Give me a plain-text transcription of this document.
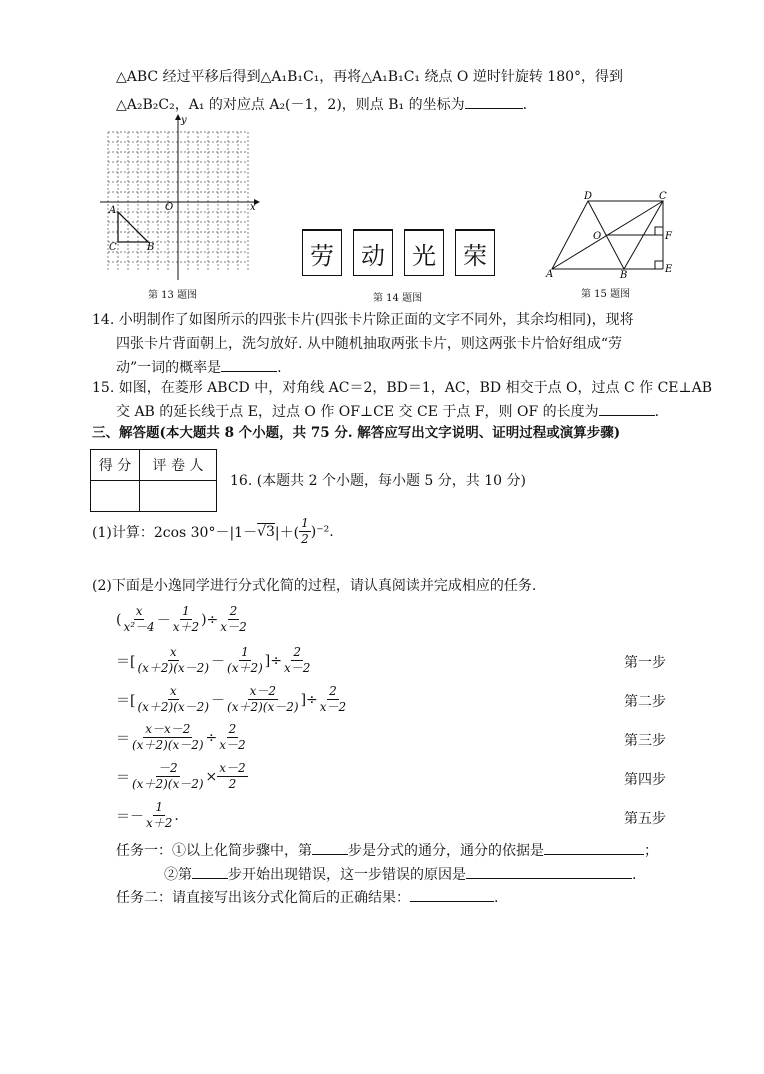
△ABC 经过平移后得到△A₁B₁C₁，再将△A₁B₁C₁ 绕点 O 逆时针旋转 180°，得到
△A₂B₂C₂，A₁ 的对应点 A₂(－1，2)，则点 B₁ 的坐标为	.
x
y
O
A
C	B
第 13 题图
劳	动	光	荣
第 14 题图
A	B
C
D
O	F
E
第 15 题图
14. 小明制作了如图所示的四张卡片(四张卡片除正面的文字不同外，其余均相同)，现将
四张卡片背面朝上，洗匀放好. 从中随机抽取两张卡片，则这两张卡片恰好组成“劳
动”一词的概率是	.
15. 如图，在菱形 ABCD 中，对角线 AC＝2，BD＝1，AC，BD 相交于点 O，过点 C 作 CE⊥AB
交 AB 的延长线于点 E，过点 O 作 OF⊥CE 交 CE 于点 F，则 OF 的长度为	.
三、解答题(本大题共 8 个小题，共 75 分. 解答应写出文字说明、证明过程或演算步骤)
得 分	评 卷 人

16. (本题共 2 个小题，每小题 5 分，共 10 分)
(1)计算：2cos 30°－|1－ √3 |＋( $\frac{1}{2} )^{-2}$.
(2)下面是小逸同学进行分式化简的过程，请认真阅读并完成相应的任务.
( $\frac{x}{\text{x²－4}} - \frac{1}{x+2}$ )÷ $\frac{2}{x-2}$
＝[ $\frac{x}{(x+2)(x-2)} - \frac{1}{(x+2)}$ ]÷ $\frac{2}{x-2}$	第一步
＝[ $\frac{x}{(x+2)(x-2)} - \frac{x-2}{(x+2)(x-2)}$ ]÷ $\frac{2}{x-2}$	第二步
＝ $\frac{x-x-2}{(x+2)(x-2)} \div \frac{2}{x-2}$	第三步
＝ $\frac{-2}{(x+2)(x-2)} \times \frac{x-2}{2}$	第四步
＝－ $\frac{1}{x+2}$ .	第五步
任务一：①以上化简步骤中，第	步是分式的通分，通分的依据是	；
②第	步开始出现错误，这一步错误的原因是	.
任务二：请直接写出该分式化简后的正确结果：	.
